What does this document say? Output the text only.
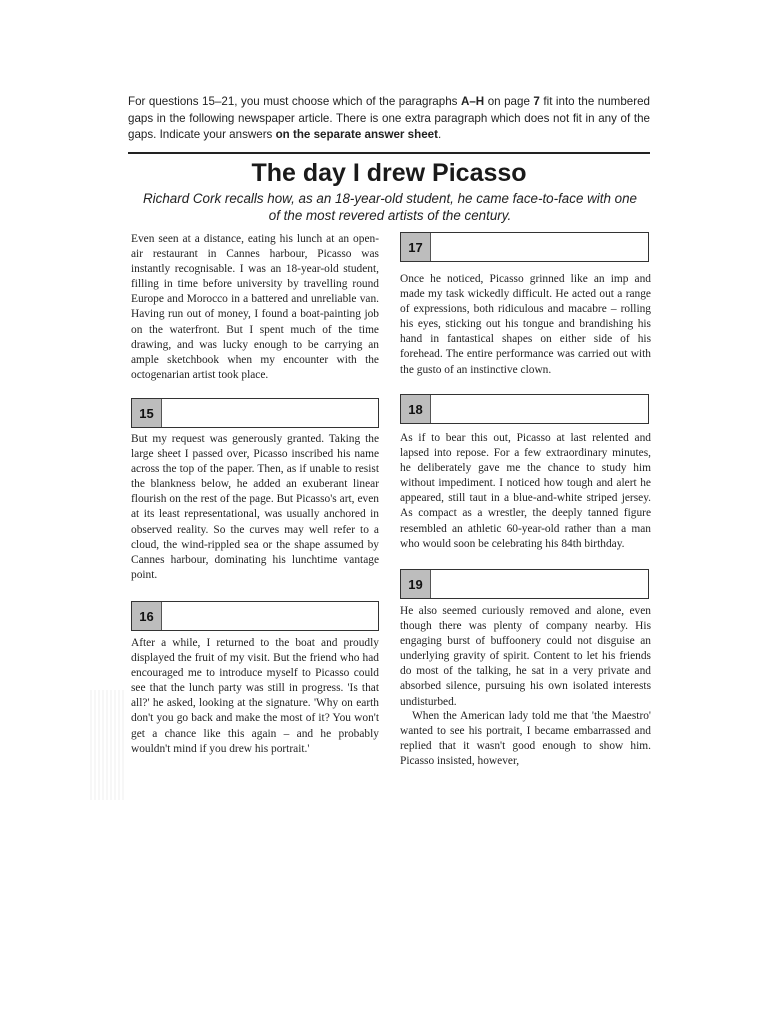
For questions 15–21, you must choose which of the paragraphs A–H on page 7 fit into the numbered gaps in the following newspaper article. There is one extra paragraph which does not fit in any of the gaps. Indicate your answers on the separate answer sheet.
The day I drew Picasso
Richard Cork recalls how, as an 18-year-old student, he came face-to-face with one of the most revered artists of the century.
Even seen at a distance, eating his lunch at an open-air restaurant in Cannes harbour, Picasso was instantly recognisable. I was an 18-year-old student, filling in time before university by travelling round Europe and Morocco in a battered and unreliable van. Having run out of money, I found a boat-painting job on the waterfront. But I spent much of the time drawing, and was lucky enough to be carrying an ample sketchbook when my encounter with the octogenarian artist took place.
15
But my request was generously granted. Taking the large sheet I passed over, Picasso inscribed his name across the top of the paper. Then, as if unable to resist the blankness below, he added an exuberant linear flourish on the rest of the page. But Picasso's art, even at its least representational, was usually anchored in observed reality. So the curves may well refer to a cloud, the wind-rippled sea or the shape assumed by Cannes harbour, dominating his lunchtime vantage point.
16
After a while, I returned to the boat and proudly displayed the fruit of my visit. But the friend who had encouraged me to introduce myself to Picasso could see that the lunch party was still in progress. 'Is that all?' he asked, looking at the signature. 'Why on earth don't you go back and make the most of it? You won't get a chance like this again – and he probably wouldn't mind if you drew his portrait.'
17
Once he noticed, Picasso grinned like an imp and made my task wickedly difficult. He acted out a range of expressions, both ridiculous and macabre – rolling his eyes, sticking out his tongue and brandishing his hand in fantastical shapes on either side of his forehead. The entire performance was carried out with the gusto of an instinctive clown.
18
As if to bear this out, Picasso at last relented and lapsed into repose. For a few extraordinary minutes, he deliberately gave me the chance to study him without impediment. I noticed how tough and alert he appeared, still taut in a blue-and-white striped jersey. As compact as a wrestler, the deeply tanned figure resembled an athletic 60-year-old rather than a man who would soon be celebrating his 84th birthday.
19
He also seemed curiously removed and alone, even though there was plenty of company nearby. His engaging burst of buffoonery could not disguise an underlying gravity of spirit. Content to let his friends do most of the talking, he sat in a very private and absorbed silence, pursuing his own isolated interests undisturbed.
When the American lady told me that 'the Maestro' wanted to see his portrait, I became embarrassed and replied that it wasn't good enough to show him. Picasso insisted, however,
